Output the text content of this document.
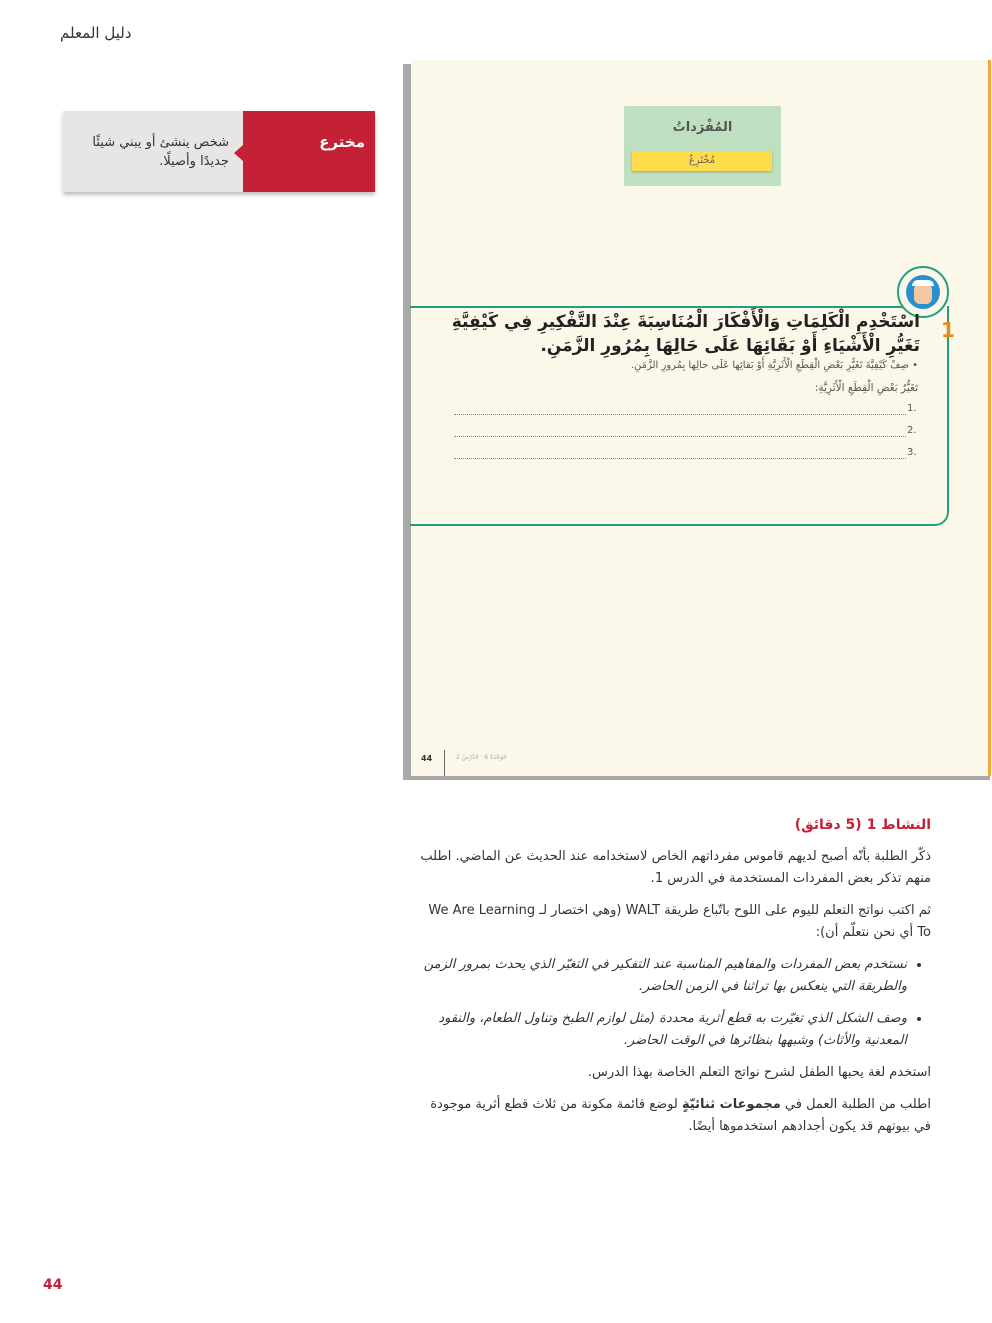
دليل المعلم
شخص ينشئ أو يبني شيئًا جديدًا وأصيلًا.
مخترع
المُفْرَداتُ
مُخْتَرِعٌ
1
اسْتَخْدِمِ الْكَلِمَاتِ وَالْأَفْكَارَ الْمُنَاسِبَةَ عِنْدَ التَّفْكِيرِ فِي كَيْفِيَّةِ تَغَيُّرِ الْأَشْيَاءِ أَوْ بَقَائِهَا عَلَى حَالِهَا بِمُرُورِ الزَّمَنِ.
• صِفْ كَيْفِيَّةَ تَغَيُّرِ بَعْضِ الْقِطَعِ الْأَثَرِيَّةِ أَوْ بَقائِها عَلَى حالِها بِمُرورِ الزَّمَنِ.
تَغَيُّرُ بَعْضِ الْقِطَعِ الْأَثَرِيَّةِ:
1.
2.
3.
44	الوَحْدَةُ 6 · الدَّرْسُ 2

النشاط 1 (5 دقائق)

ذكّر الطلبة بأنّه أصبح لديهم قاموس مفرداتهم الخاص لاستخدامه عند الحديث عن الماضي. اطلب منهم تذكر بعض المفردات المستخدمة في الدرس 1.

ثم اكتب نواتج التعلم لليوم على اللوح باتّباع طريقة WALT (وهي اختصار لـ We Are Learning To أي نحن نتعلّم أن):

• نستخدم بعض المفردات والمفاهيم المناسبة عند التفكير في التغيّر الذي يحدث بمرور الزمن والطريقة التي ينعكس بها تراثنا في الزمن الحاضر.
• وصف الشكل الذي تغيّرت به قطع أثرية محددة (مثل لوازم الطبخ وتناول الطعام، والنقود المعدنية والأثاث) وشبهها بنظائرها في الوقت الحاضر.

استخدم لغة يحبها الطفل لشرح نواتج التعلم الخاصة بهذا الدرس.

اطلب من الطلبة العمل في مجموعات ثنائيّةٍ لوضع قائمة مكونة من ثلاث قطع أثرية موجودة في بيوتهم قد يكون أجدادهم استخدموها أيضًا.

44
